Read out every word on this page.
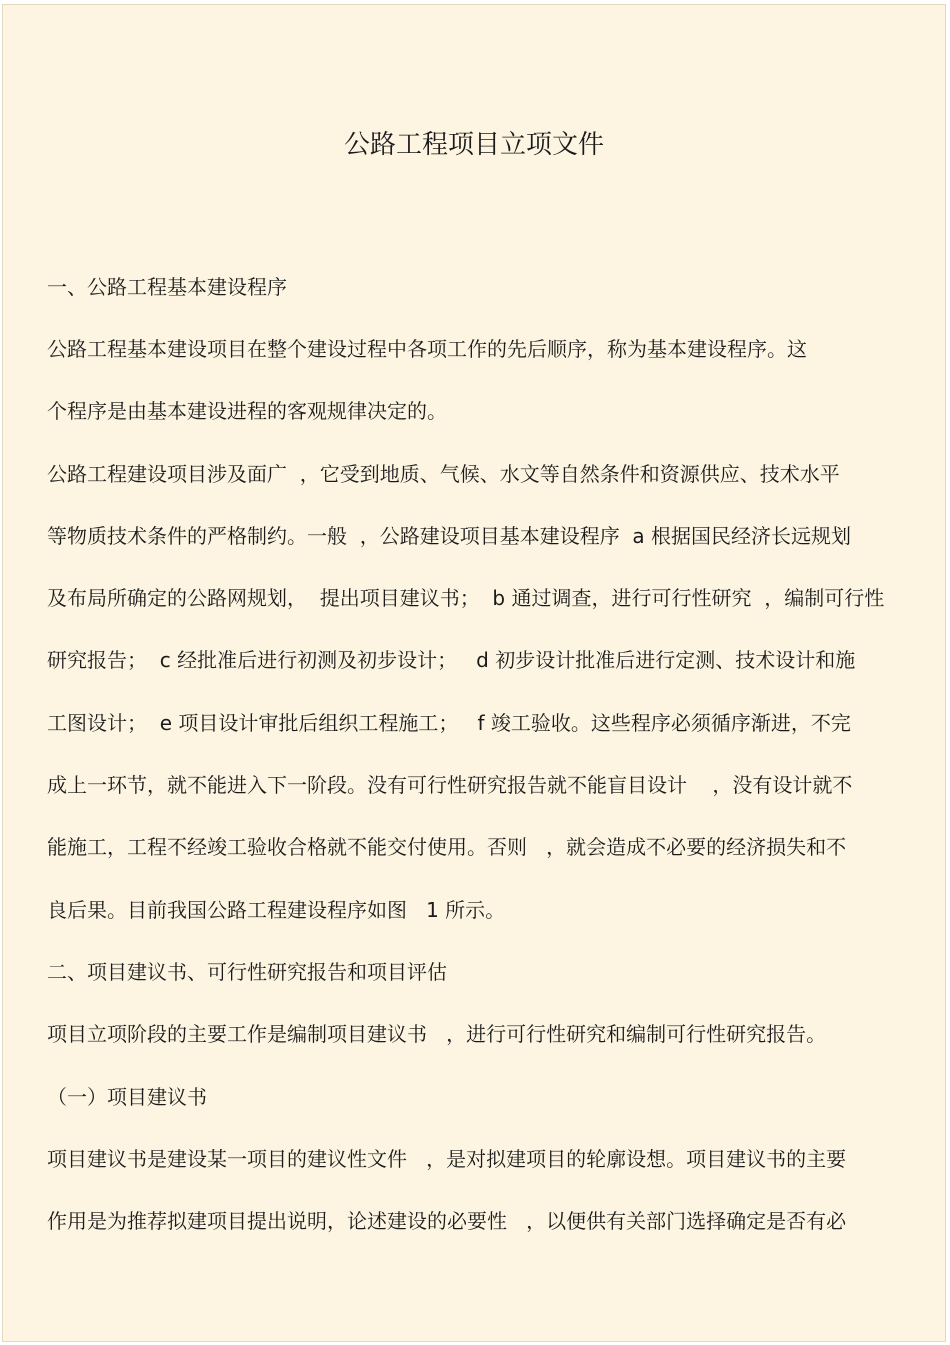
公路工程项目立项文件
一、公路工程基本建设程序
公路工程基本建设项目在整个建设过程中各项工作的先后顺序，称为基本建设程序。这
个程序是由基本建设进程的客观规律决定的。
公路工程建设项目涉及面广  ，它受到地质、气候、水文等自然条件和资源供应、技术水平
等物质技术条件的严格制约。一般  ，公路建设项目基本建设程序  a 根据国民经济长远规划
及布局所确定的公路网规划，  提出项目建议书；  b 通过调查，进行可行性研究  ，编制可行性
研究报告；  c 经批准后进行初测及初步设计；   d 初步设计批准后进行定测、技术设计和施
工图设计；  e 项目设计审批后组织工程施工；   f 竣工验收。这些程序必须循序渐进，不完
成上一环节，就不能进入下一阶段。没有可行性研究报告就不能盲目设计    ，没有设计就不
能施工，工程不经竣工验收合格就不能交付使用。否则   ，就会造成不必要的经济损失和不
良后果。目前我国公路工程建设程序如图   1 所示。
二、项目建议书、可行性研究报告和项目评估
项目立项阶段的主要工作是编制项目建议书   ，进行可行性研究和编制可行性研究报告。
（一）项目建议书
项目建议书是建设某一项目的建议性文件   ，是对拟建项目的轮廓设想。项目建议书的主要
作用是为推荐拟建项目提出说明，论述建设的必要性   ，以便供有关部门选择确定是否有必
